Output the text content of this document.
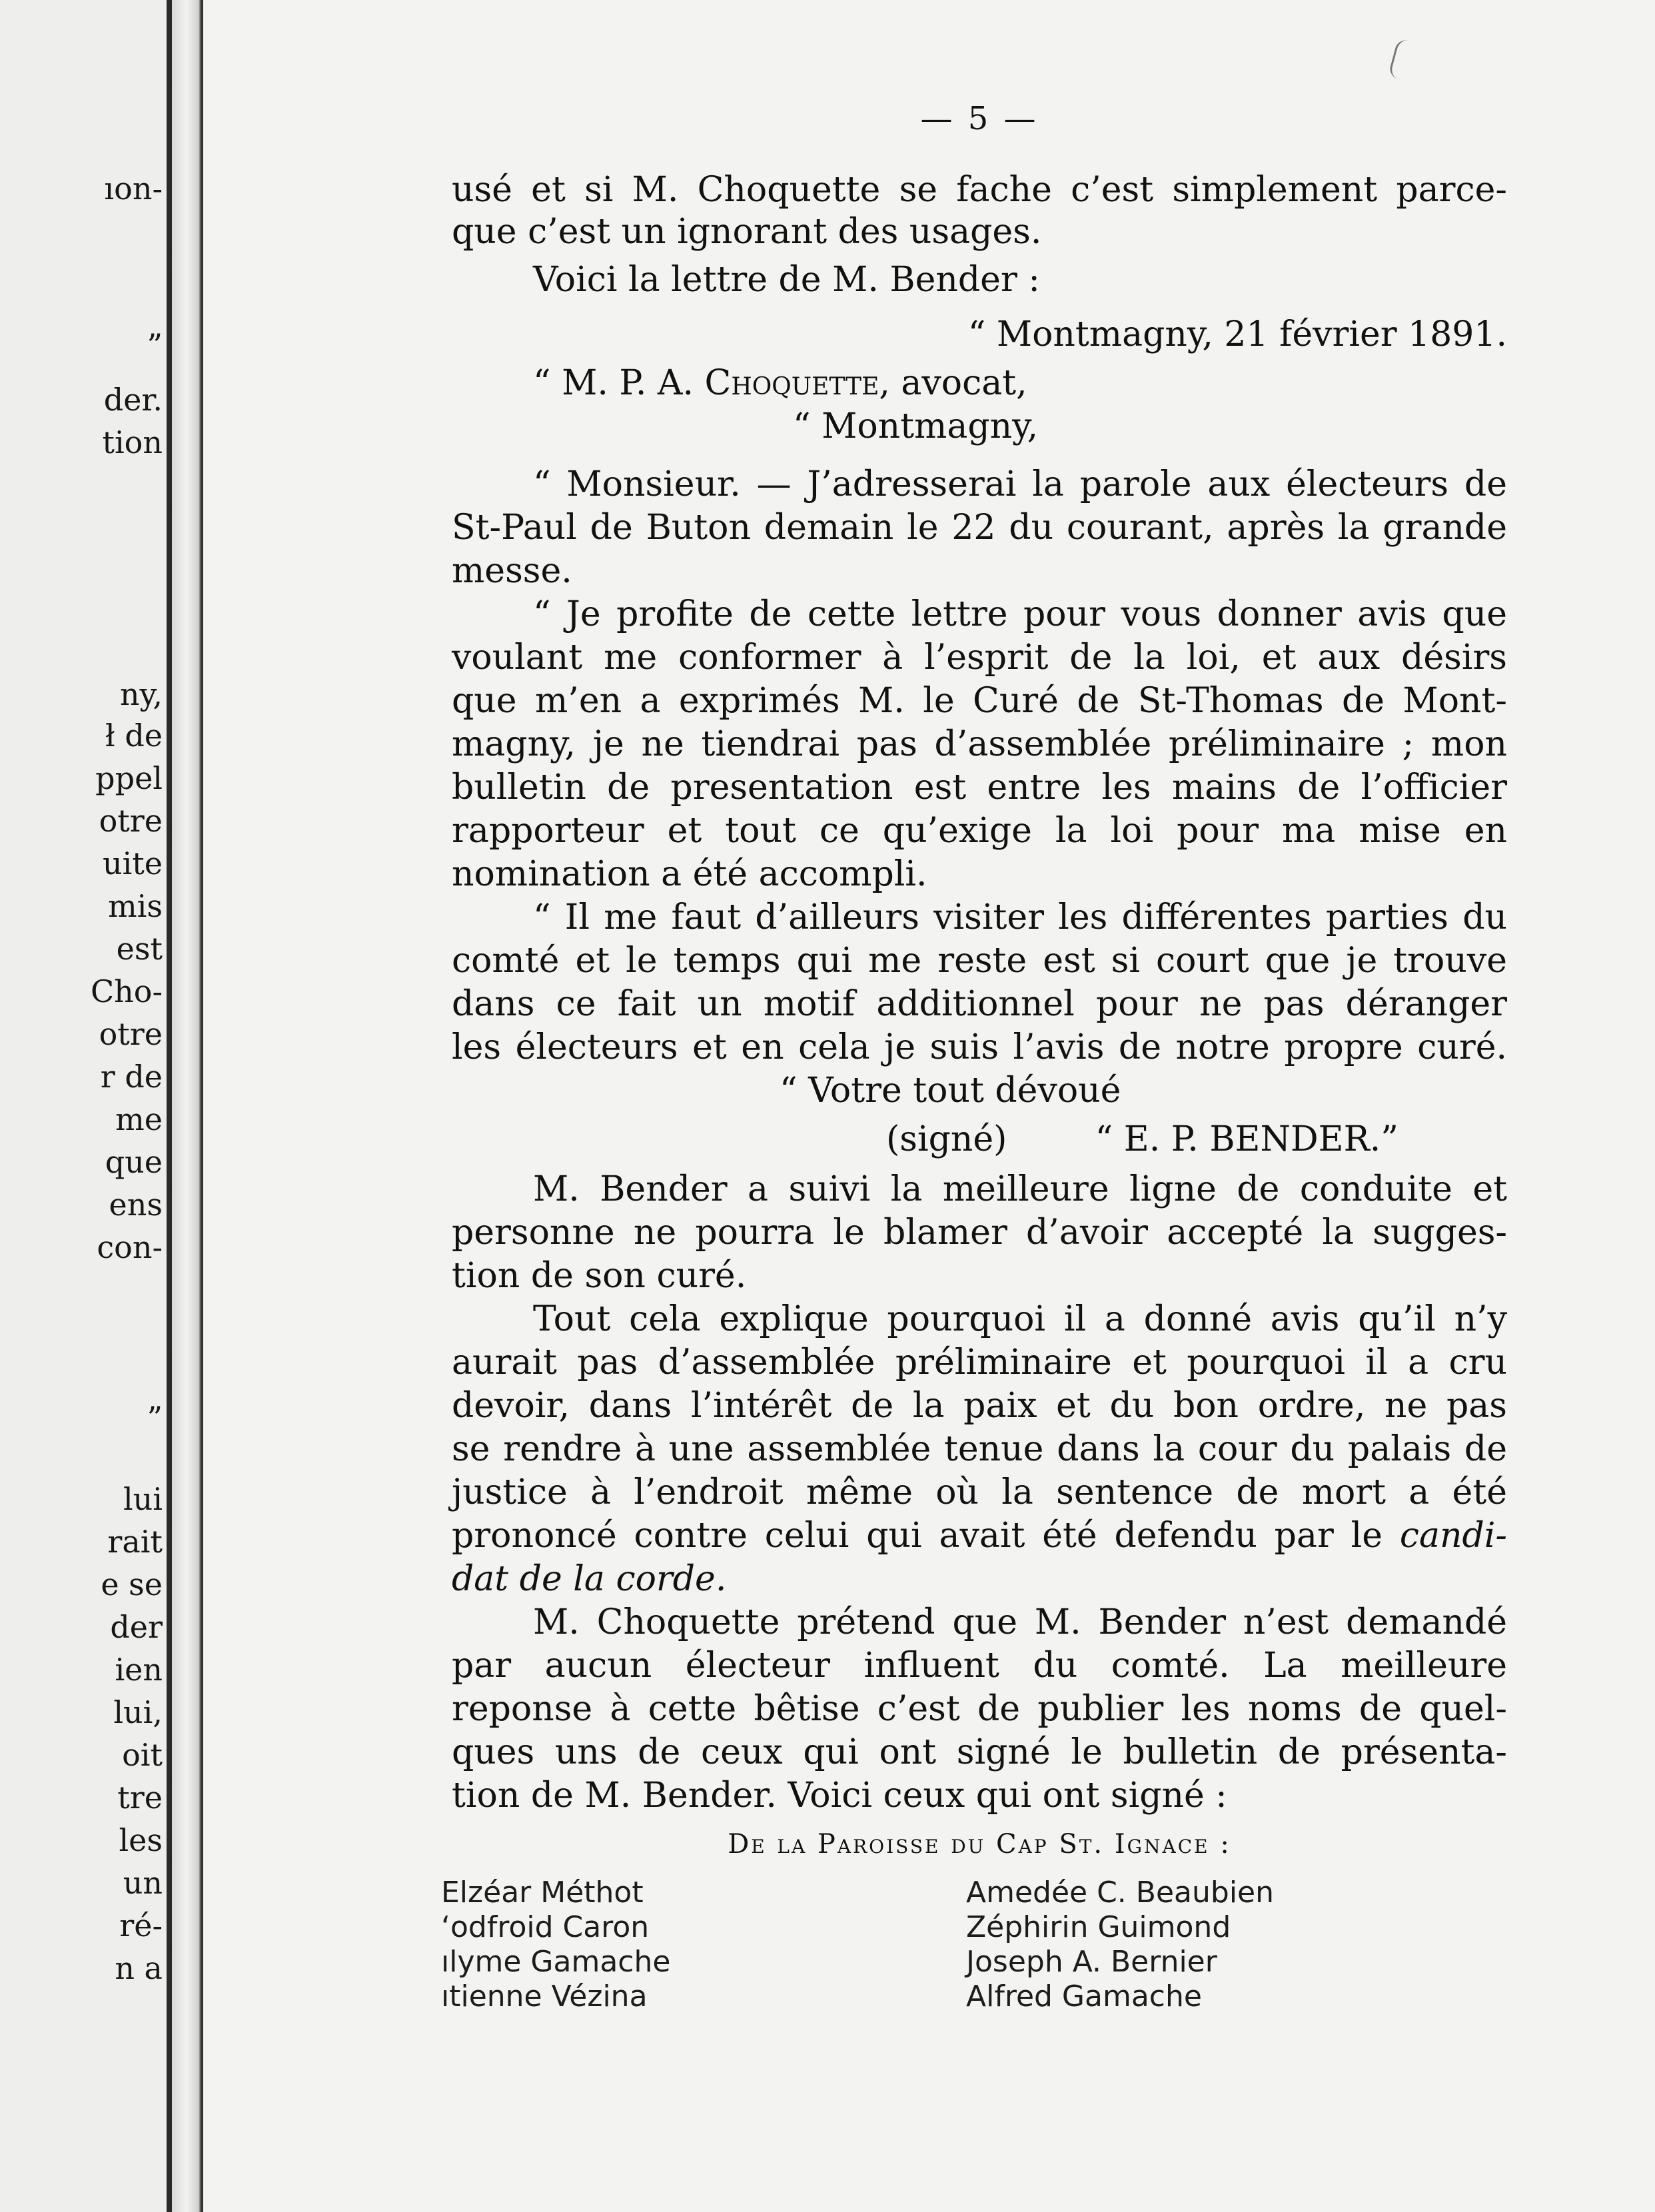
ıon-
”
der.
tion
ny,
ł de
ppel
otre
uite
mis
est
Cho-
otre
r de
me
que
ens
con-
”
lui
rait
e se
der
ien
lui,
oit
tre
les
un
ré-
n a
— 5 —
usé et si M. Choquette se fache c’est simplement parce-
que c’est un ignorant des usages.
Voici la lettre de M. Bender :
“ Montmagny, 21 février 1891.
“ M. P. A. Choquette, avocat,
“ Montmagny,
“ Monsieur. — J’adresserai la parole aux électeurs de
St-Paul de Buton demain le 22 du courant, après la grande
messe.
“ Je profite de cette lettre pour vous donner avis que
voulant me conformer à l’esprit de la loi, et aux désirs
que m’en a exprimés M. le Curé de St-Thomas de Mont-
magny, je ne tiendrai pas d’assemblée préliminaire ; mon
bulletin de presentation est entre les mains de l’officier
rapporteur et tout ce qu’exige la loi pour ma mise en
nomination a été accompli.
“ Il me faut d’ailleurs visiter les différentes parties du
comté et le temps qui me reste est si court que je trouve
dans ce fait un motif additionnel pour ne pas déranger
les électeurs et en cela je suis l’avis de notre propre curé.
“ Votre tout dévoué
(signé)        “ E. P. BENDER.”
M. Bender a suivi la meilleure ligne de conduite et
personne ne pourra le blamer d’avoir accepté la sugges-
tion de son curé.
Tout cela explique pourquoi il a donné avis qu’il n’y
aurait pas d’assemblée préliminaire et pourquoi il a cru
devoir, dans l’intérêt de la paix et du bon ordre, ne pas
se rendre à une assemblée tenue dans la cour du palais de
justice à l’endroit même où la sentence de mort a été
prononcé contre celui qui avait été defendu par le candi-
dat de la corde.
M. Choquette prétend que M. Bender n’est demandé
par aucun électeur influent du comté. La meilleure
reponse à cette bêtise c’est de publier les noms de quel-
ques uns de ceux qui ont signé le bulletin de présenta-
tion de M. Bender. Voici ceux qui ont signé :
De la Paroisse du Cap St. Ignace :
Elzéar Méthot
‘odfroid Caron
ılyme Gamache
ıtienne Vézina
Amedée C. Beaubien
Zéphirin Guimond
Joseph A. Bernier
Alfred Gamache
